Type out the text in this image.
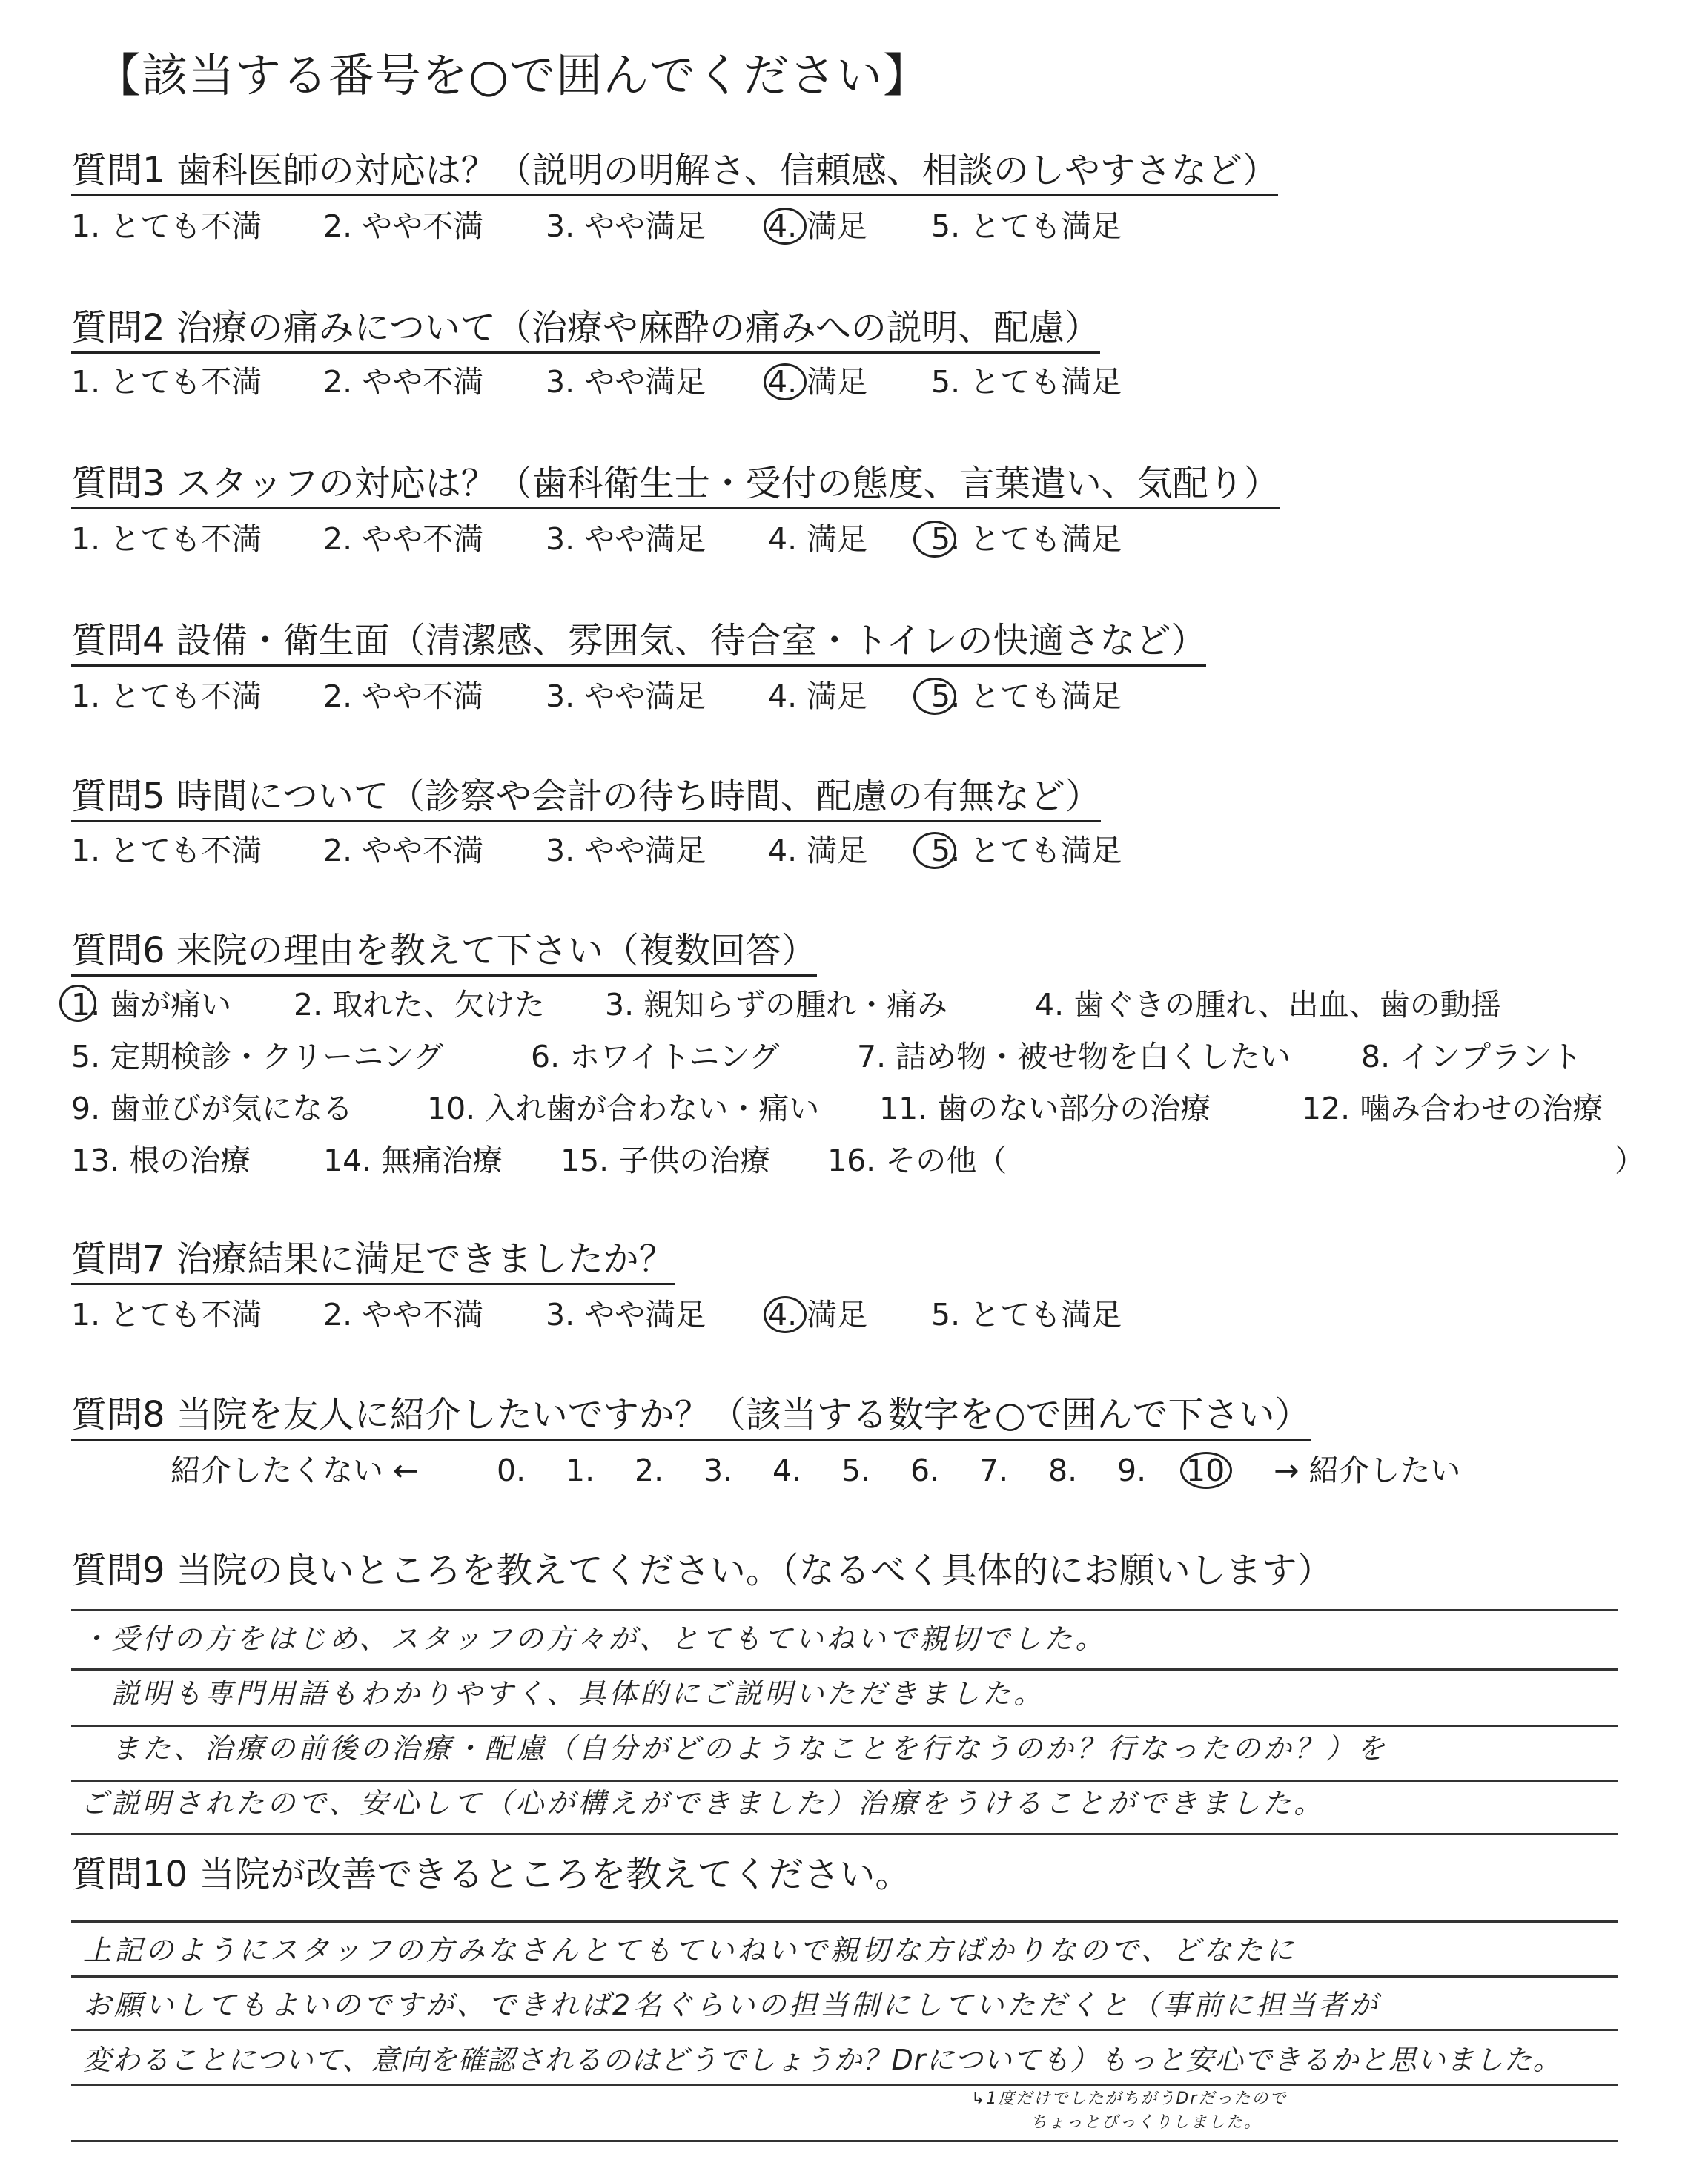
【該当する番号を○で囲んでください】
質問1 歯科医師の対応は？（説明の明解さ、信頼感、相談のしやすさなど）
1. とても不満 2. やや不満 3. やや満足 4. 満足 5. とても満足
質問2 治療の痛みについて（治療や麻酔の痛みへの説明、配慮）
1. とても不満 2. やや不満 3. やや満足 4. 満足 5. とても満足
質問3 スタッフの対応は？（歯科衛生士・受付の態度、言葉遣い、気配り）
1. とても不満 2. やや不満 3. やや満足 4. 満足 5. とても満足
質問4 設備・衛生面（清潔感、雰囲気、待合室・トイレの快適さなど）
1. とても不満 2. やや不満 3. やや満足 4. 満足 5. とても満足
質問5 時間について（診察や会計の待ち時間、配慮の有無など）
1. とても不満 2. やや不満 3. やや満足 4. 満足 5. とても満足
質問6 来院の理由を教えて下さい（複数回答）
1. 歯が痛い 2. 取れた、欠けた 3. 親知らずの腫れ・痛み	4. 歯ぐきの腫れ、出血、歯の動揺
5. 定期検診・クリーニング	6. ホワイトニング	7. 詰め物・被せ物を白くしたい 8. インプラント
9. 歯並びが気になる 10. 入れ歯が合わない・痛い 11. 歯のない部分の治療	12. 噛み合わせの治療
13. 根の治療 14. 無痛治療 15. 子供の治療 16. その他（	）
質問7 治療結果に満足できましたか？
1. とても不満 2. やや不満 3. やや満足 4. 満足 5. とても満足
質問8 当院を友人に紹介したいですか？（該当する数字を○で囲んで下さい）
紹介したくない ←	0. 1. 2. 3. 4. 5. 6. 7. 8. 9. 10	→ 紹介したい
質問9 当院の良いところを教えてください。（なるべく具体的にお願いします）
・受付の方をはじめ、スタッフの方々が、とてもていねいで親切でした。
説明も専門用語もわかりやすく、具体的にご説明いただきました。
また、治療の前後の治療・配慮（自分がどのようなことを行なうのか？行なったのか？）を
ご説明されたので、安心して（心が構えができました）治療をうけることができました。
質問10 当院が改善できるところを教えてください。
上記のようにスタッフの方みなさんとてもていねいで親切な方ばかりなので、どなたに
お願いしてもよいのですが、できれば2名ぐらいの担当制にしていただくと（事前に担当者が
変わることについて、意向を確認されるのはどうでしょうか？Drについても）もっと安心できるかと思いました。
↳1度だけでしたがちがうDrだったので
ちょっとびっくりしました。
